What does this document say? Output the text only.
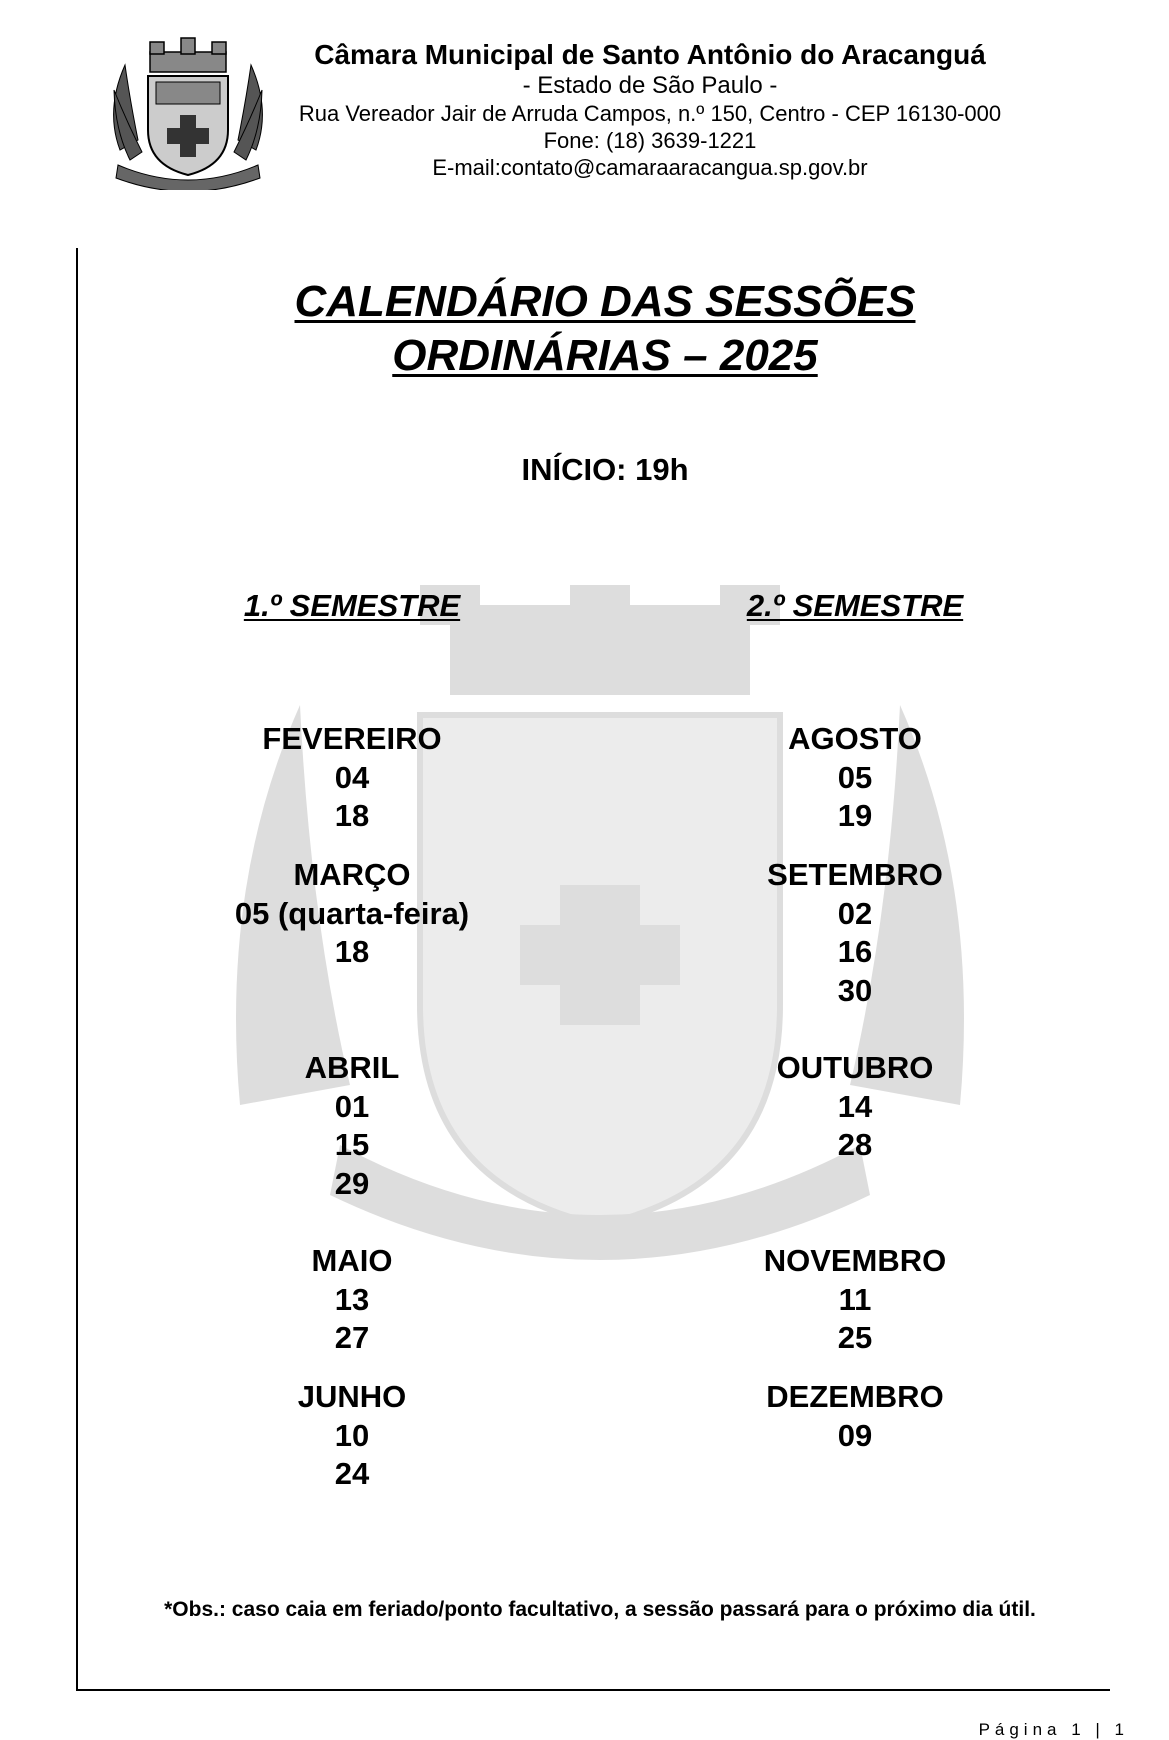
Câmara Municipal de Santo Antônio do Aracanguá
- Estado de São Paulo -
Rua Vereador Jair de Arruda Campos, n.º 150, Centro - CEP 16130-000
Fone: (18) 3639-1221
E-mail:contato@camaraaracangua.sp.gov.br
CALENDÁRIO DAS SESSÕES
ORDINÁRIAS – 2025
INÍCIO: 19h
1.º SEMESTRE	2.º SEMESTRE
FEVEREIRO
04
18
MARÇO
05 (quarta-feira)
18
ABRIL
01
15
29
MAIO
13
27
JUNHO
10
24
AGOSTO
05
19
SETEMBRO
02
16
30
OUTUBRO
14
28
NOVEMBRO
11
25
DEZEMBRO
09
*Obs.: caso caia em feriado/ponto facultativo, a sessão passará para o próximo dia útil.
Página 1 | 1
